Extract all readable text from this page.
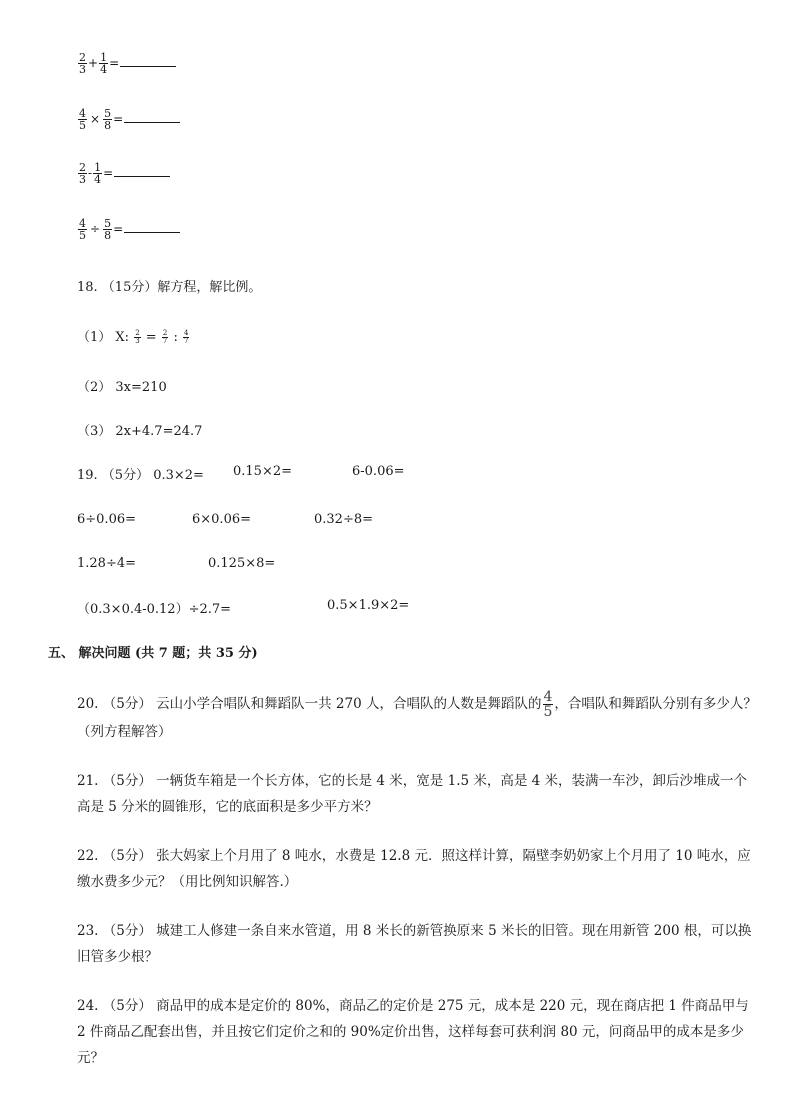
$\frac{2}{3} + \frac{1}{4}$ =
$\frac{4}{5} \times \frac{5}{8}$ =
$\frac{2}{3} - \frac{1}{4}$ =
$\frac{4}{5} \div \frac{5}{8}$ =
18. （15分）解方程，解比例。
（1） X: $\frac{2}{3} = \frac{2}{7}$ : $\frac{4}{7}$
（2） 3x=210
（3） 2x+4.7=24.7
19. （5分） 0.3×2= 0.15×2=	6-0.06=
6÷0.06=	6×0.06=	0.32÷8=
1.28÷4=	0.125×8=
（0.3×0.4-0.12）÷2.7=	0.5×1.9×2=
五、 解决问题 (共 7 题；共 35 分)
20. （5分） 云山小学合唱队和舞蹈队一共 270 人，合唱队的人数是舞蹈队的 $\frac{4}{5}$ ，合唱队和舞蹈队分别有多少人？（列方程解答）
21. （5分） 一辆货车箱是一个长方体，它的长是 4 米，宽是 1.5 米，高是 4 米，装满一车沙，卸后沙堆成一个高是 5 分米的圆锥形，它的底面积是多少平方米？
22. （5分） 张大妈家上个月用了 8 吨水，水费是 12.8 元．照这样计算，隔壁李奶奶家上个月用了 10 吨水，应缴水费多少元？（用比例知识解答.）
23. （5分） 城建工人修建一条自来水管道，用 8 米长的新管换原来 5 米长的旧管。现在用新管 200 根，可以换旧管多少根？
24. （5分） 商品甲的成本是定价的 80%，商品乙的定价是 275 元，成本是 220 元，现在商店把 1 件商品甲与 2 件商品乙配套出售，并且按它们定价之和的 90%定价出售，这样每套可获利润 80 元，问商品甲的成本是多少元？
